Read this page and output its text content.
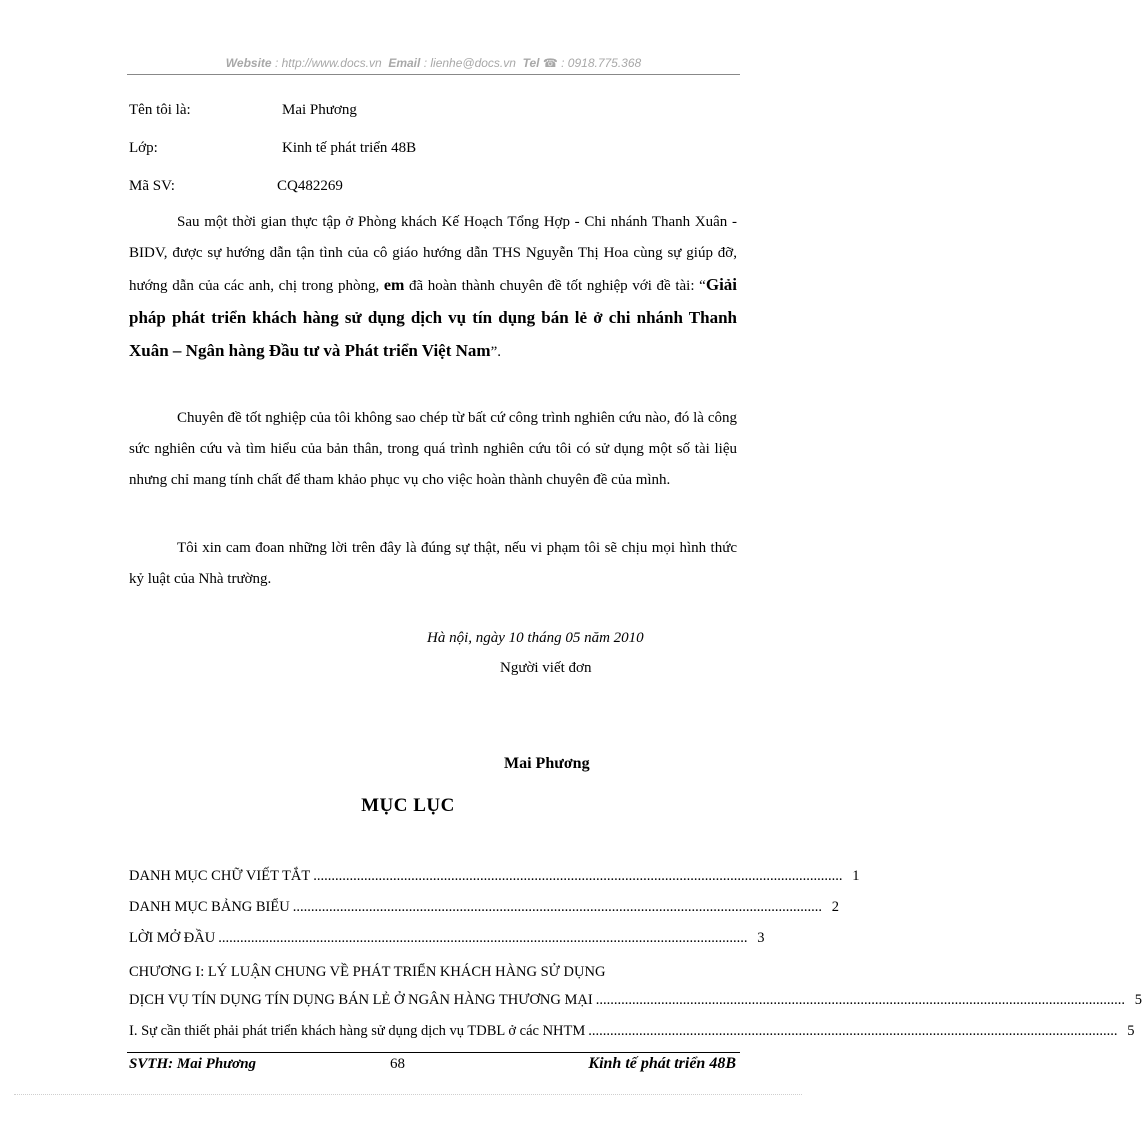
Website : http://www.docs.vn Email : lienhe@docs.vn Tel ☎ : 0918.775.368
Tên tôi là:	Mai Phương
Lớp:	Kinh tế phát triển 48B
Mã SV:	CQ482269
Sau một thời gian thực tập ở Phòng khách Kế Hoạch Tổng Hợp - Chi nhánh Thanh Xuân - BIDV, được sự hướng dẫn tận tình của cô giáo hướng dẫn THS Nguyễn Thị Hoa cùng sự giúp đỡ, hướng dẫn của các anh, chị trong phòng, em đã hoàn thành chuyên đề tốt nghiệp với đề tài: “Giải pháp phát triển khách hàng sử dụng dịch vụ tín dụng bán lẻ ở chi nhánh Thanh Xuân – Ngân hàng Đầu tư và Phát triển Việt Nam”.
Chuyên đề tốt nghiệp của tôi không sao chép từ bất cứ công trình nghiên cứu nào, đó là công sức nghiên cứu và tìm hiểu của bản thân, trong quá trình nghiên cứu tôi có sử dụng một số tài liệu nhưng chỉ mang tính chất để tham khảo phục vụ cho việc hoàn thành chuyên đề của mình.
Tôi xin cam đoan những lời trên đây là đúng sự thật, nếu vi phạm tôi sẽ chịu mọi hình thức kỷ luật của Nhà trường.
Hà nội, ngày 10 tháng 05 năm 2010
Người viết đơn
Mai Phương
MỤC LỤC
DANH MỤC CHỮ VIẾT TẮT .................................................................................................................................................. 1
DANH MỤC BẢNG BIỂU .................................................................................................................................................. 2
LỜI MỞ ĐẦU .................................................................................................................................................. 3
CHƯƠNG I: LÝ LUẬN CHUNG VỀ PHÁT TRIỂN KHÁCH HÀNG SỬ DỤNG
DỊCH VỤ TÍN DỤNG TÍN DỤNG BÁN LẺ Ở NGÂN HÀNG THƯƠNG MẠI .................................................................................................................................................. 5
I. Sự cần thiết phải phát triển khách hàng sử dụng dịch vụ TDBL ở các NHTM .................................................................................................................................................. 5
SVTH: Mai Phương	68	Kinh tế phát triển 48B
